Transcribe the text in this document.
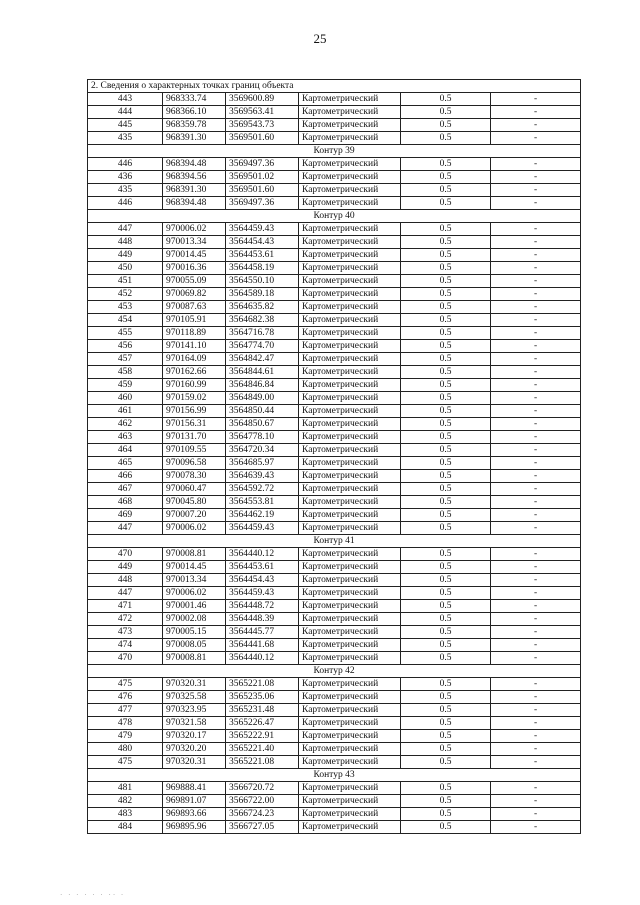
25
2. Сведения о характерных точках границ объекта					
443	968333.74	3569600.89	Картометрический	0.5	-
444	968366.10	3569563.41	Картометрический	0.5	-
445	968359.78	3569543.73	Картометрический	0.5	-
435	968391.30	3569501.60	Картометрический	0.5	-
Контур 39					
446	968394.48	3569497.36	Картометрический	0.5	-
436	968394.56	3569501.02	Картометрический	0.5	-
435	968391.30	3569501.60	Картометрический	0.5	-
446	968394.48	3569497.36	Картометрический	0.5	-
Контур 40					
447	970006.02	3564459.43	Картометрический	0.5	-
448	970013.34	3564454.43	Картометрический	0.5	-
449	970014.45	3564453.61	Картометрический	0.5	-
450	970016.36	3564458.19	Картометрический	0.5	-
451	970055.09	3564550.10	Картометрический	0.5	-
452	970069.82	3564589.18	Картометрический	0.5	-
453	970087.63	3564635.82	Картометрический	0.5	-
454	970105.91	3564682.38	Картометрический	0.5	-
455	970118.89	3564716.78	Картометрический	0.5	-
456	970141.10	3564774.70	Картометрический	0.5	-
457	970164.09	3564842.47	Картометрический	0.5	-
458	970162.66	3564844.61	Картометрический	0.5	-
459	970160.99	3564846.84	Картометрический	0.5	-
460	970159.02	3564849.00	Картометрический	0.5	-
461	970156.99	3564850.44	Картометрический	0.5	-
462	970156.31	3564850.67	Картометрический	0.5	-
463	970131.70	3564778.10	Картометрический	0.5	-
464	970109.55	3564720.34	Картометрический	0.5	-
465	970096.58	3564685.97	Картометрический	0.5	-
466	970078.30	3564639.43	Картометрический	0.5	-
467	970060.47	3564592.72	Картометрический	0.5	-
468	970045.80	3564553.81	Картометрический	0.5	-
469	970007.20	3564462.19	Картометрический	0.5	-
447	970006.02	3564459.43	Картометрический	0.5	-
Контур 41					
470	970008.81	3564440.12	Картометрический	0.5	-
449	970014.45	3564453.61	Картометрический	0.5	-
448	970013.34	3564454.43	Картометрический	0.5	-
447	970006.02	3564459.43	Картометрический	0.5	-
471	970001.46	3564448.72	Картометрический	0.5	-
472	970002.08	3564448.39	Картометрический	0.5	-
473	970005.15	3564445.77	Картометрический	0.5	-
474	970008.05	3564441.68	Картометрический	0.5	-
470	970008.81	3564440.12	Картометрический	0.5	-
Контур 42					
475	970320.31	3565221.08	Картометрический	0.5	-
476	970325.58	3565235.06	Картометрический	0.5	-
477	970323.95	3565231.48	Картометрический	0.5	-
478	970321.58	3565226.47	Картометрический	0.5	-
479	970320.17	3565222.91	Картометрический	0.5	-
480	970320.20	3565221.40	Картометрический	0.5	-
475	970320.31	3565221.08	Картометрический	0.5	-
Контур 43					
481	969888.41	3566720.72	Картометрический	0.5	-
482	969891.07	3566722.00	Картометрический	0.5	-
483	969893.66	3566724.23	Картометрический	0.5	-
484	969895.96	3566727.05	Картометрический	0.5	-
· · · · · · ·· ·
